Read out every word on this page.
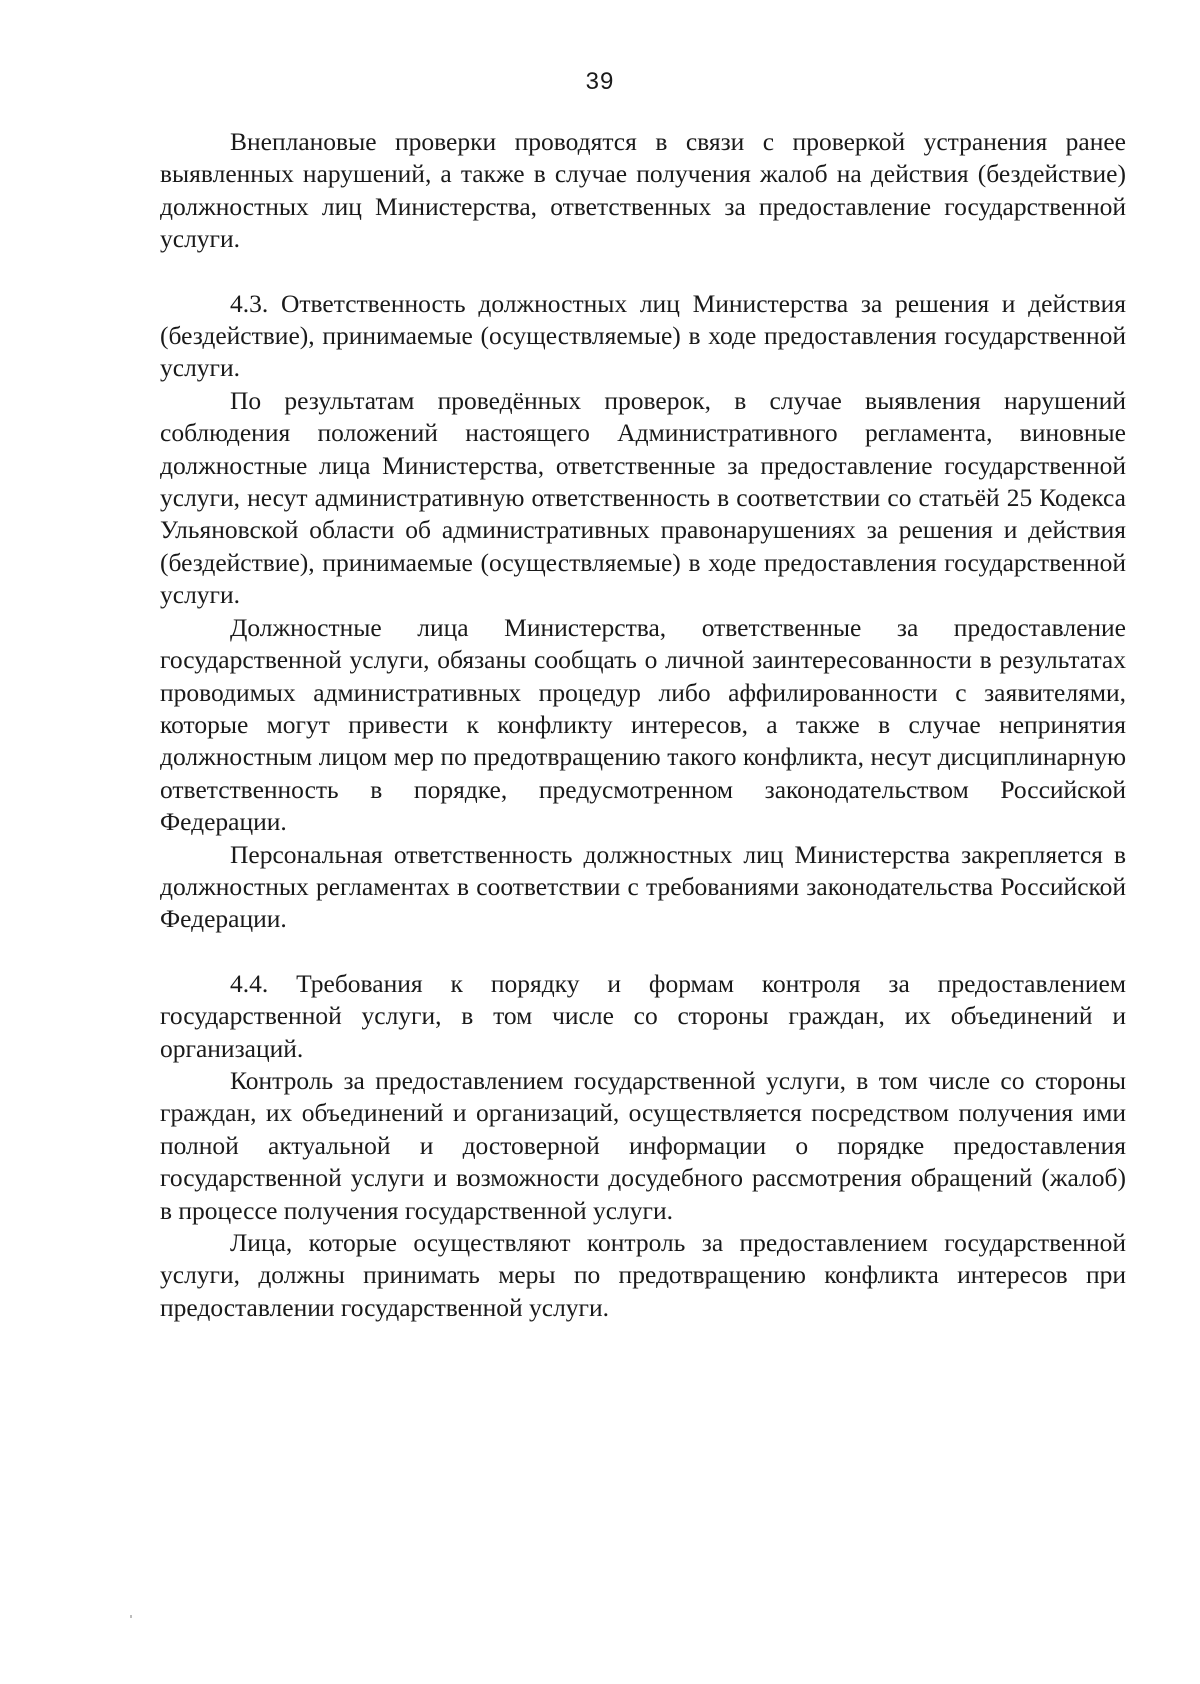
39

Внеплановые проверки проводятся в связи с проверкой устранения ранее выявленных нарушений, а также в случае получения жалоб на действия (бездействие) должностных лиц Министерства, ответственных за предоставление государственной услуги.

4.3. Ответственность должностных лиц Министерства за решения и действия (бездействие), принимаемые (осуществляемые) в ходе предоставления государственной услуги.

По результатам проведённых проверок, в случае выявления нарушений соблюдения положений настоящего Административного регламента, виновные должностные лица Министерства, ответственные за предоставление государственной услуги, несут административную ответственность в соответствии со статьёй 25 Кодекса Ульяновской области об административных правонарушениях за решения и действия (бездействие), принимаемые (осуществляемые) в ходе предоставления государственной услуги.

Должностные лица Министерства, ответственные за предоставление государственной услуги, обязаны сообщать о личной заинтересованности в результатах проводимых административных процедур либо аффилированности с заявителями, которые могут привести к конфликту интересов, а также в случае непринятия должностным лицом мер по предотвращению такого конфликта, несут дисциплинарную ответственность в порядке, предусмотренном законодательством Российской Федерации.

Персональная ответственность должностных лиц Министерства закрепляется в должностных регламентах в соответствии с требованиями законодательства Российской Федерации.

4.4. Требования к порядку и формам контроля за предоставлением государственной услуги, в том числе со стороны граждан, их объединений и организаций.

Контроль за предоставлением государственной услуги, в том числе со стороны граждан, их объединений и организаций, осуществляется посредством получения ими полной актуальной и достоверной информации о порядке предоставления государственной услуги и возможности досудебного рассмотрения обращений (жалоб) в процессе получения государственной услуги.

Лица, которые осуществляют контроль за предоставлением государственной услуги, должны принимать меры по предотвращению конфликта интересов при предоставлении государственной услуги.
